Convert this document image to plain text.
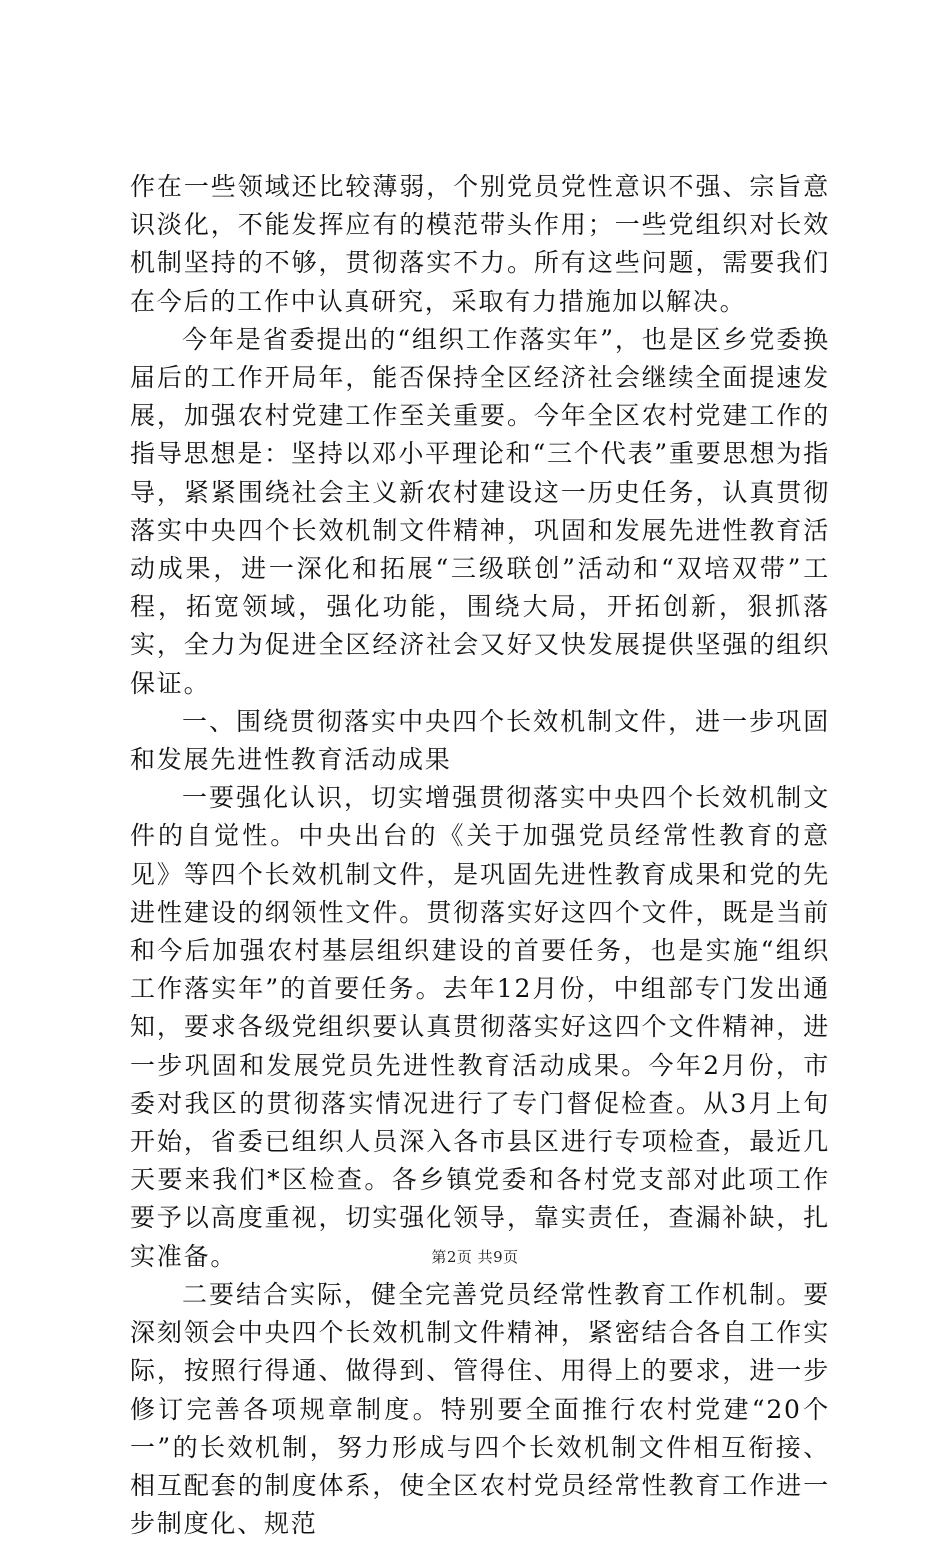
作在一些领域还比较薄弱，个别党员党性意识不强、宗旨意识淡化，不能发挥应有的模范带头作用；一些党组织对长效机制坚持的不够，贯彻落实不力。所有这些问题，需要我们在今后的工作中认真研究，采取有力措施加以解决。

今年是省委提出的“组织工作落实年”，也是区乡党委换届后的工作开局年，能否保持全区经济社会继续全面提速发展，加强农村党建工作至关重要。今年全区农村党建工作的指导思想是：坚持以邓小平理论和“三个代表”重要思想为指导，紧紧围绕社会主义新农村建设这一历史任务，认真贯彻落实中央四个长效机制文件精神，巩固和发展先进性教育活动成果，进一深化和拓展“三级联创”活动和“双培双带”工程，拓宽领域，强化功能，围绕大局，开拓创新，狠抓落实，全力为促进全区经济社会又好又快发展提供坚强的组织保证。

一、围绕贯彻落实中央四个长效机制文件，进一步巩固和发展先进性教育活动成果

一要强化认识，切实增强贯彻落实中央四个长效机制文件的自觉性。中央出台的《关于加强党员经常性教育的意见》等四个长效机制文件，是巩固先进性教育成果和党的先进性建设的纲领性文件。贯彻落实好这四个文件，既是当前和今后加强农村基层组织建设的首要任务，也是实施“组织工作落实年”的首要任务。去年12月份，中组部专门发出通知，要求各级党组织要认真贯彻落实好这四个文件精神，进一步巩固和发展党员先进性教育活动成果。今年2月份，市委对我区的贯彻落实情况进行了专门督促检查。从3月上旬开始，省委已组织人员深入各市县区进行专项检查，最近几天要来我们*区检查。各乡镇党委和各村党支部对此项工作要予以高度重视，切实强化领导，靠实责任，查漏补缺，扎实准备。

二要结合实际，健全完善党员经常性教育工作机制。要深刻领会中央四个长效机制文件精神，紧密结合各自工作实际，按照行得通、做得到、管得住、用得上的要求，进一步修订完善各项规章制度。特别要全面推行农村党建“20个一”的长效机制，努力形成与四个长效机制文件相互衔接、相互配套的制度体系，使全区农村党员经常性教育工作进一步制度化、规范

第2页 共9页
